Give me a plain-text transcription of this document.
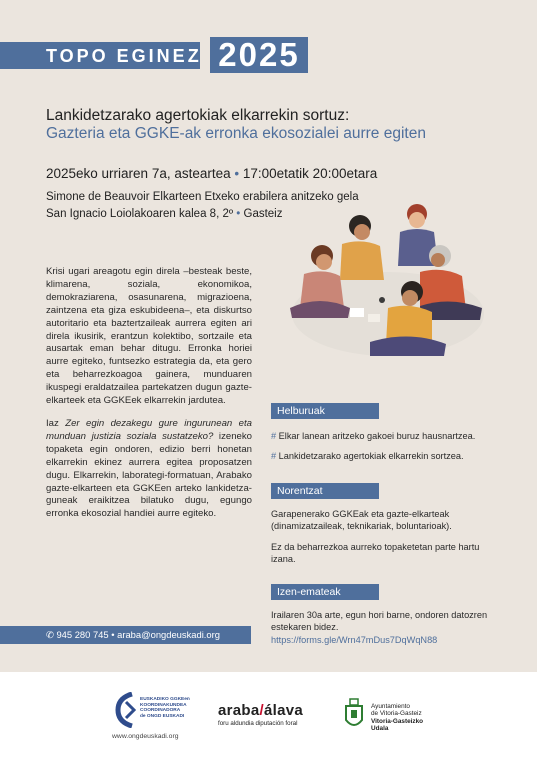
TOPO EGINEZ 2025
Lankidetzarako agertokiak elkarrekin sortuz:
Gazteria eta GGKE-ak erronka ekosozialei aurre egiten
2025eko urriaren 7a, asteartea • 17:00etatik 20:00etara
Simone de Beauvoir Elkarteen Etxeko erabilera anitzeko gela
San Ignacio Loiolakoaren kalea 8, 2º • Gasteiz

Krisi ugari areagotu egin direla –besteak beste, klimarena, soziala, ekonomikoa, demokraziarena, osasunarena, migrazioena, zaintzena eta giza eskubideena–, eta diskurtso autoritario eta baztertzaileak aurrera egiten ari direla ikusirik, erantzun kolektibo, sortzaile eta ausartak eman behar ditugu. Erronka horiei aurre egiteko, funtsezko estrategia da, eta gero eta beharrezkoagoa gainera, munduaren ikuspegi eraldatzailea partekatzen dugun gazte-elkarteek eta GGKEek elkarrekin jardutea.

Iaz Zer egin dezakegu gure ingurunean eta munduan justizia soziala sustatzeko? izeneko topaketa egin ondoren, edizio berri honetan elkarrekin ekinez aurrera egitea proposatzen dugu. Elkarrekin, laborategi-formatuan, Arabako gazte-elkarteen eta GGKEen arteko lankidetza-guneak eraikitzea bilatuko dugu, egungo erronka ekosozial handiei aurre egiteko.

Helburuak
# Elkar lanean aritzeko gakoei buruz hausnartzea.
# Lankidetzarako agertokiak elkarrekin sortzea.
Norentzat
Garapenerako GGKEak eta gazte-elkarteak (dinamizatzaileak, teknikariak, boluntarioak).
Ez da beharrezkoa aurreko topaketetan parte hartu izana.
Izen-emateak
Irailaren 30a arte, egun hori barne, ondoren datozren estekaren bidez.
https://forms.gle/Wrn47mDus7DqWqN88
✆ 945 280 745 • araba@ongdeuskadi.org
EUSKADIKO GGKEen
KOORDINAKUNDEA
COORDINADORA
de ONGD EUSKADI
www.ongdeuskadi.org
araba/álava
foru aldundia diputación foral
Ayuntamiento
de Vitoria-Gasteiz
Vitoria-Gasteizko
Udala
